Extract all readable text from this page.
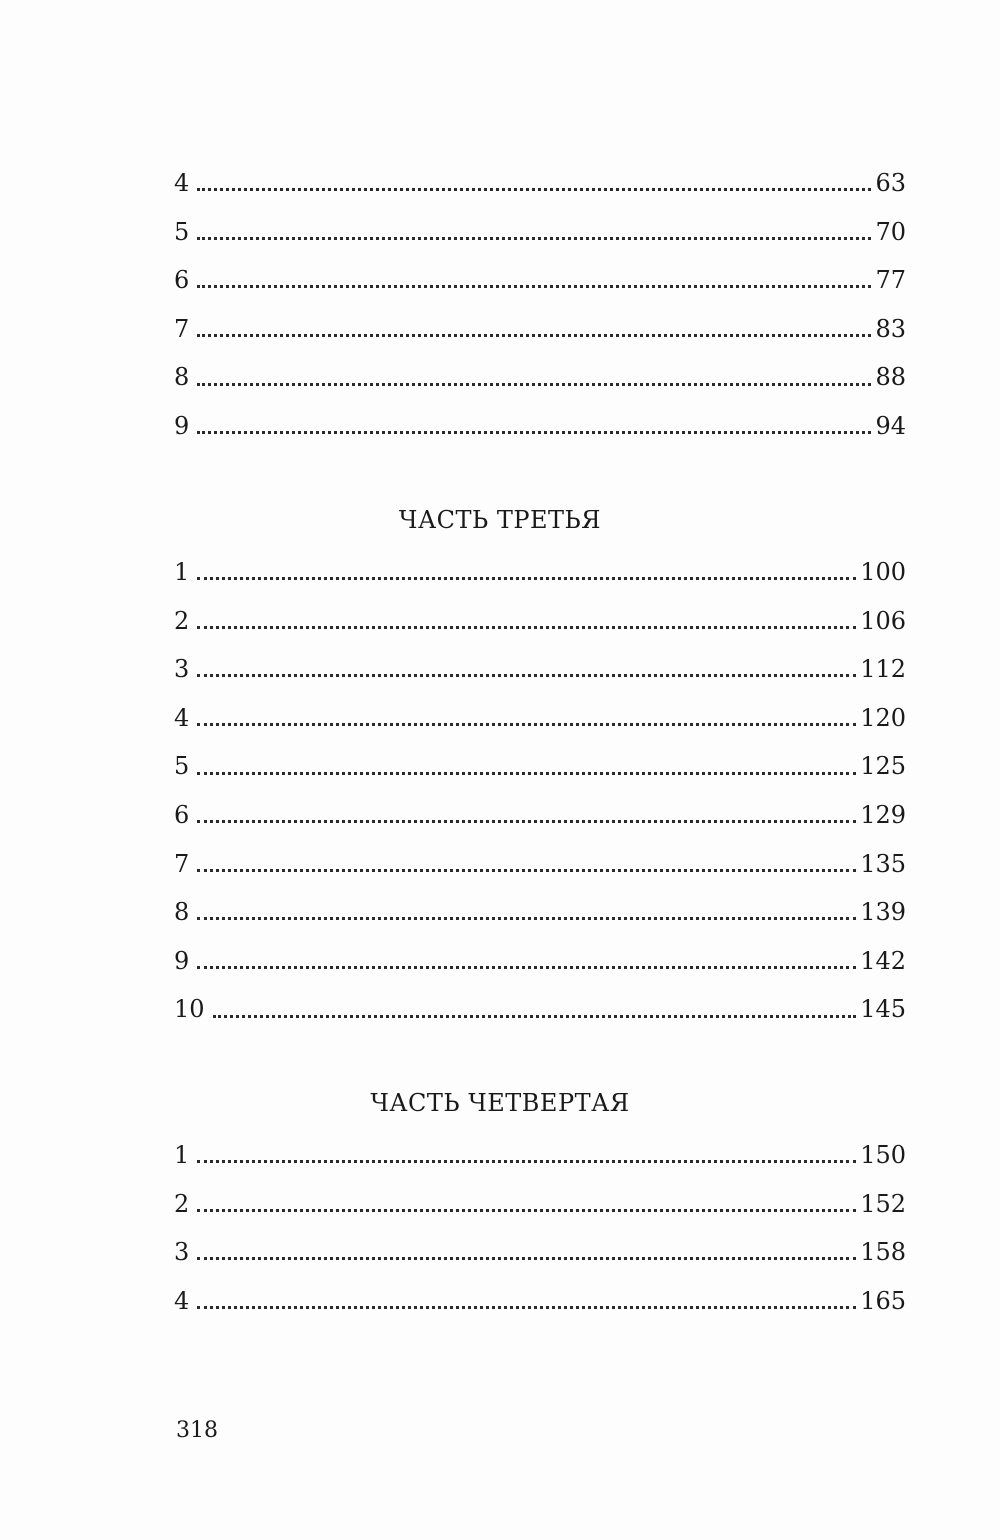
4	63
5	70
6	77
7	83
8	88
9	94
ЧАСТЬ ТРЕТЬЯ
1	100
2	106
3	112
4	120
5	125
6	129
7	135
8	139
9	142
10	145
ЧАСТЬ ЧЕТВЕРТАЯ
1	150
2	152
3	158
4	165
318
